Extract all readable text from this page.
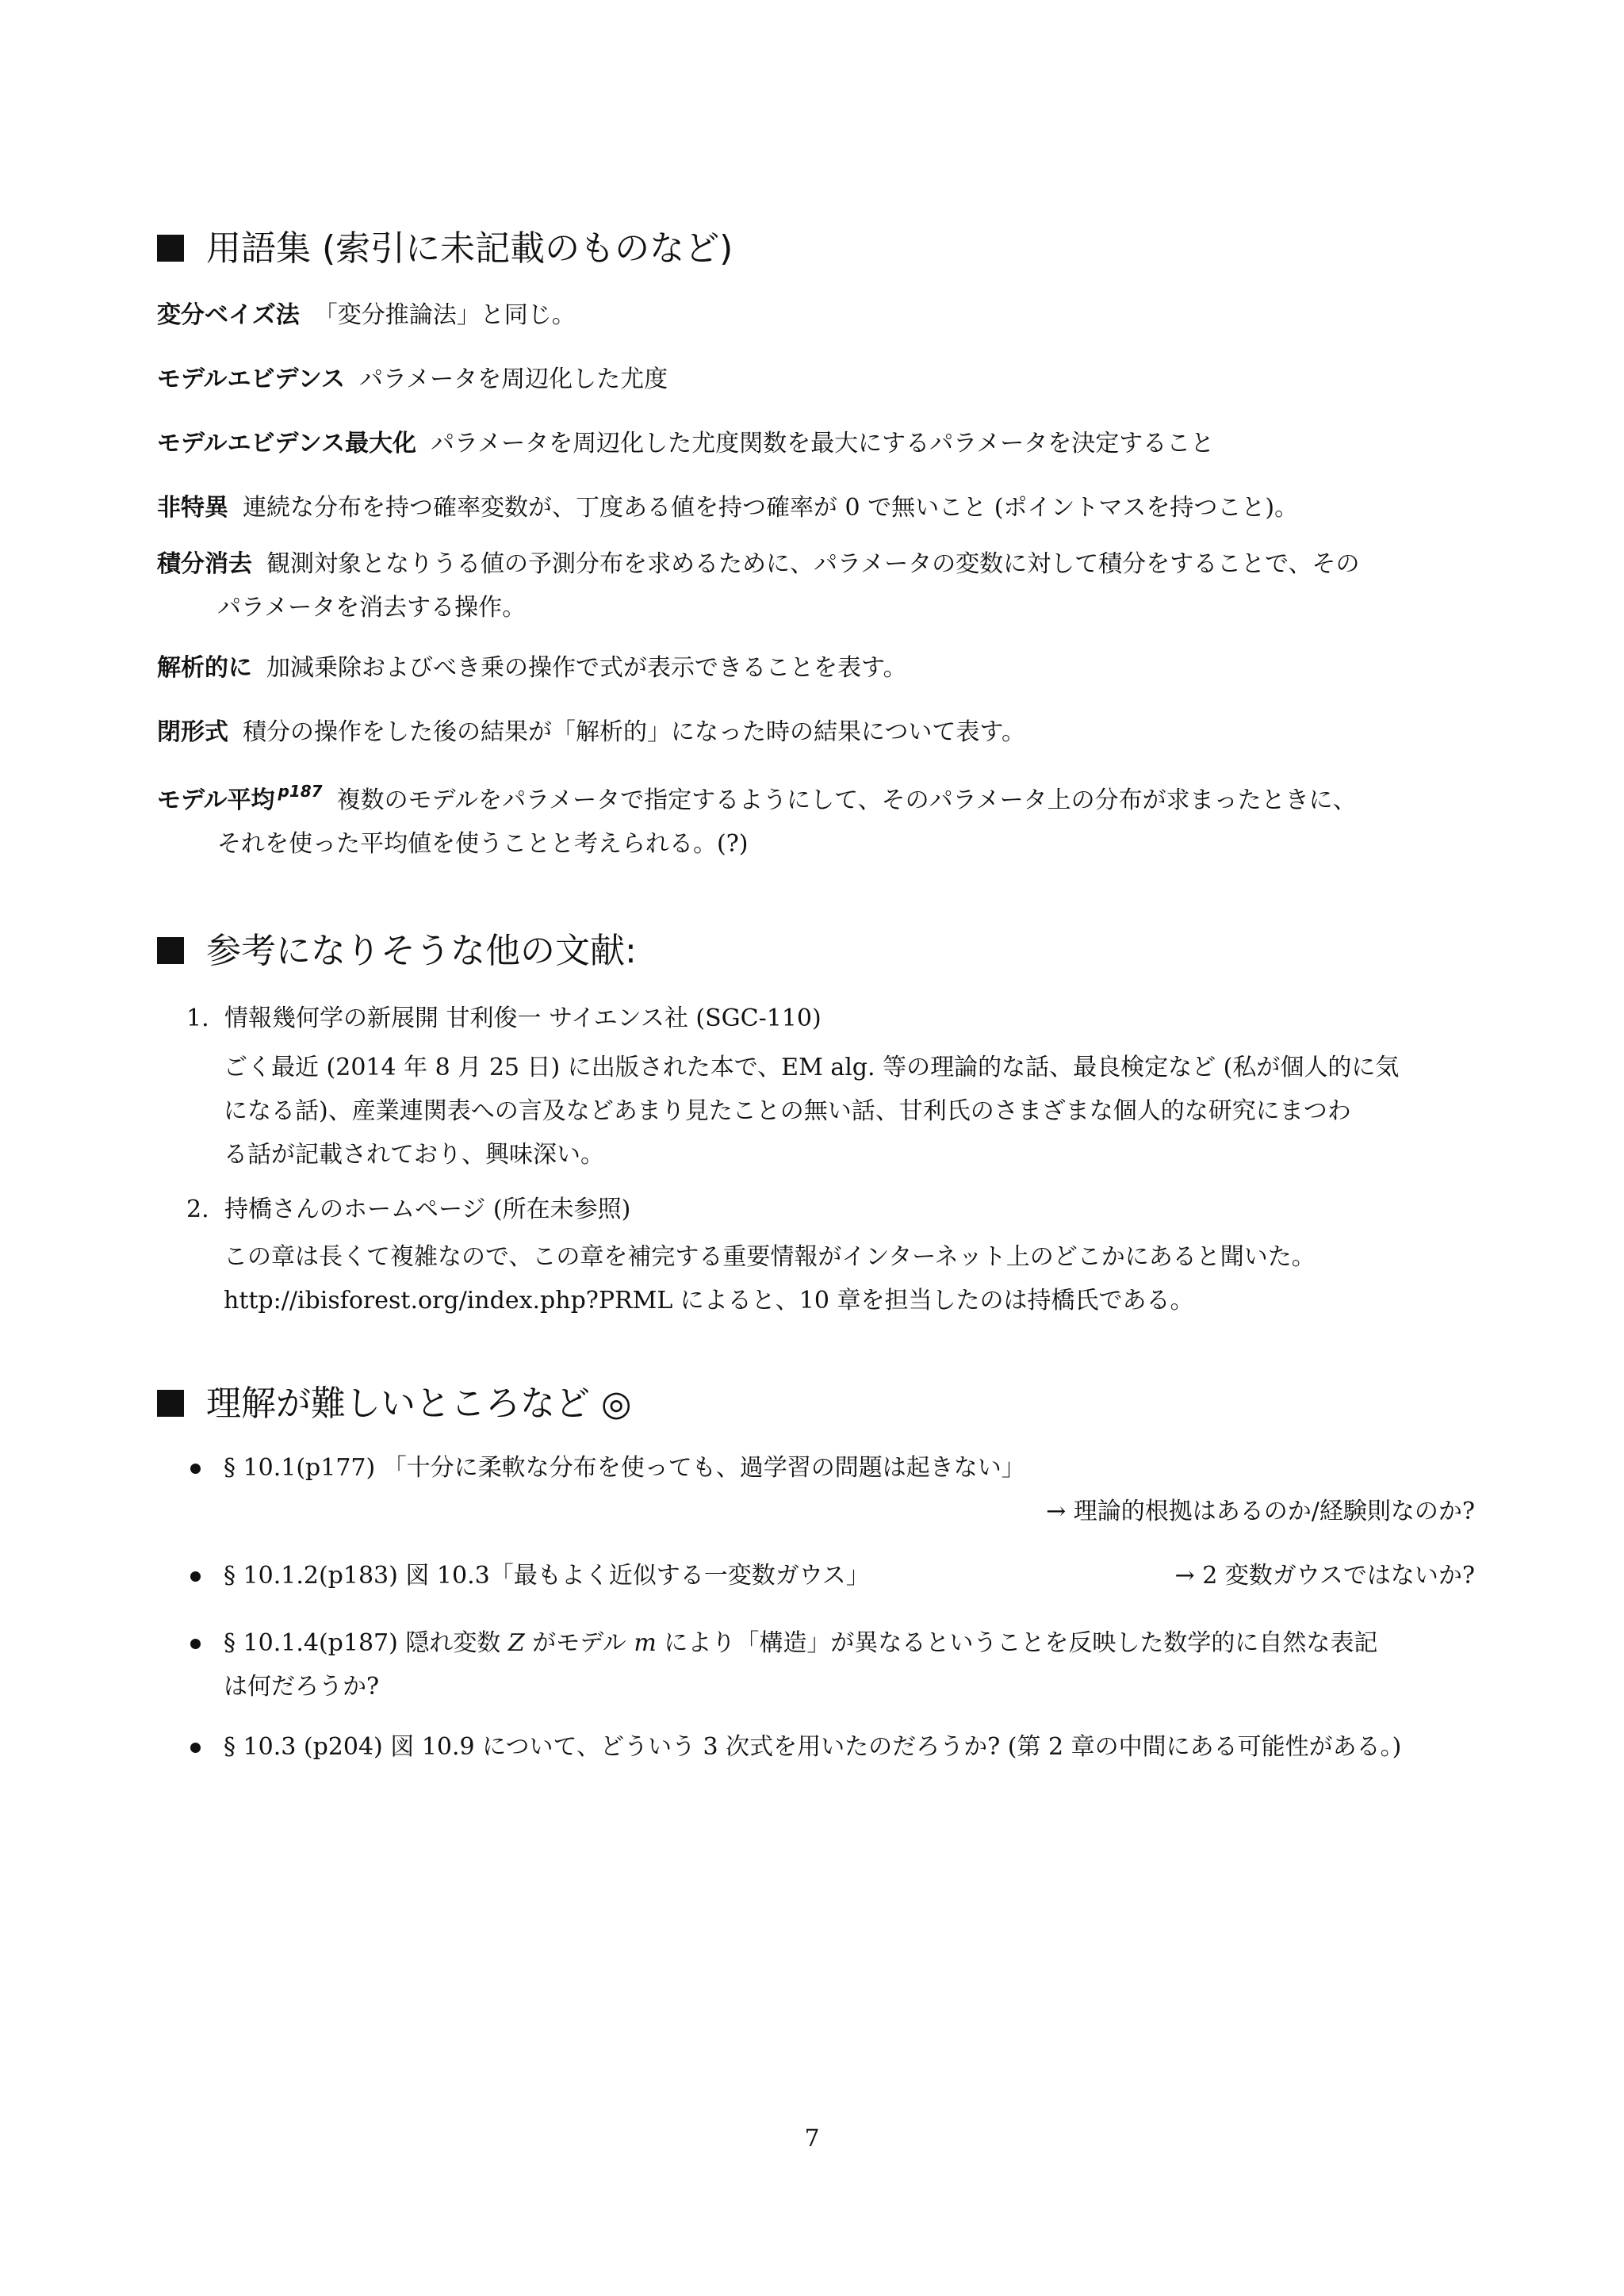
用語集 (索引に未記載のものなど)
変分ベイズ法 「変分推論法」と同じ。
モデルエビデンス パラメータを周辺化した尤度
モデルエビデンス最大化 パラメータを周辺化した尤度関数を最大にするパラメータを決定すること
非特異 連続な分布を持つ確率変数が、丁度ある値を持つ確率が 0 で無いこと (ポイントマスを持つこと)。
積分消去 観測対象となりうる値の予測分布を求めるために、パラメータの変数に対して積分をすることで、その
パラメータを消去する操作。
解析的に 加減乗除およびべき乗の操作で式が表示できることを表す。
閉形式 積分の操作をした後の結果が「解析的」になった時の結果について表す。
モデル平均 $^{p187}$ 複数のモデルをパラメータで指定するようにして、そのパラメータ上の分布が求まったときに、
それを使った平均値を使うことと考えられる。(?)
参考になりそうな他の文献:
1. 情報幾何学の新展開 甘利俊一 サイエンス社 (SGC-110)
ごく最近 (2014 年 8 月 25 日) に出版された本で、EM alg. 等の理論的な話、最良検定など (私が個人的に気
になる話)、産業連関表への言及などあまり見たことの無い話、甘利氏のさまざまな個人的な研究にまつわ
る話が記載されており、興味深い。
2. 持橋さんのホームページ (所在未参照)
この章は長くて複雑なので、この章を補完する重要情報がインターネット上のどこかにあると聞いた。
http://ibisforest.org/index.php?PRML によると、10 章を担当したのは持橋氏である。
理解が難しいところなど ◎
§ 10.1(p177) 「十分に柔軟な分布を使っても、過学習の問題は起きない」
→ 理論的根拠はあるのか/経験則なのか?
§ 10.1.2(p183) 図 10.3「最もよく近似する一変数ガウス」	→ 2 変数ガウスではないか?
§ 10.1.4(p187) 隠れ変数 Z がモデル m により「構造」が異なるということを反映した数学的に自然な表記
は何だろうか?
§ 10.3 (p204) 図 10.9 について、どういう 3 次式を用いたのだろうか? (第 2 章の中間にある可能性がある。)
7
